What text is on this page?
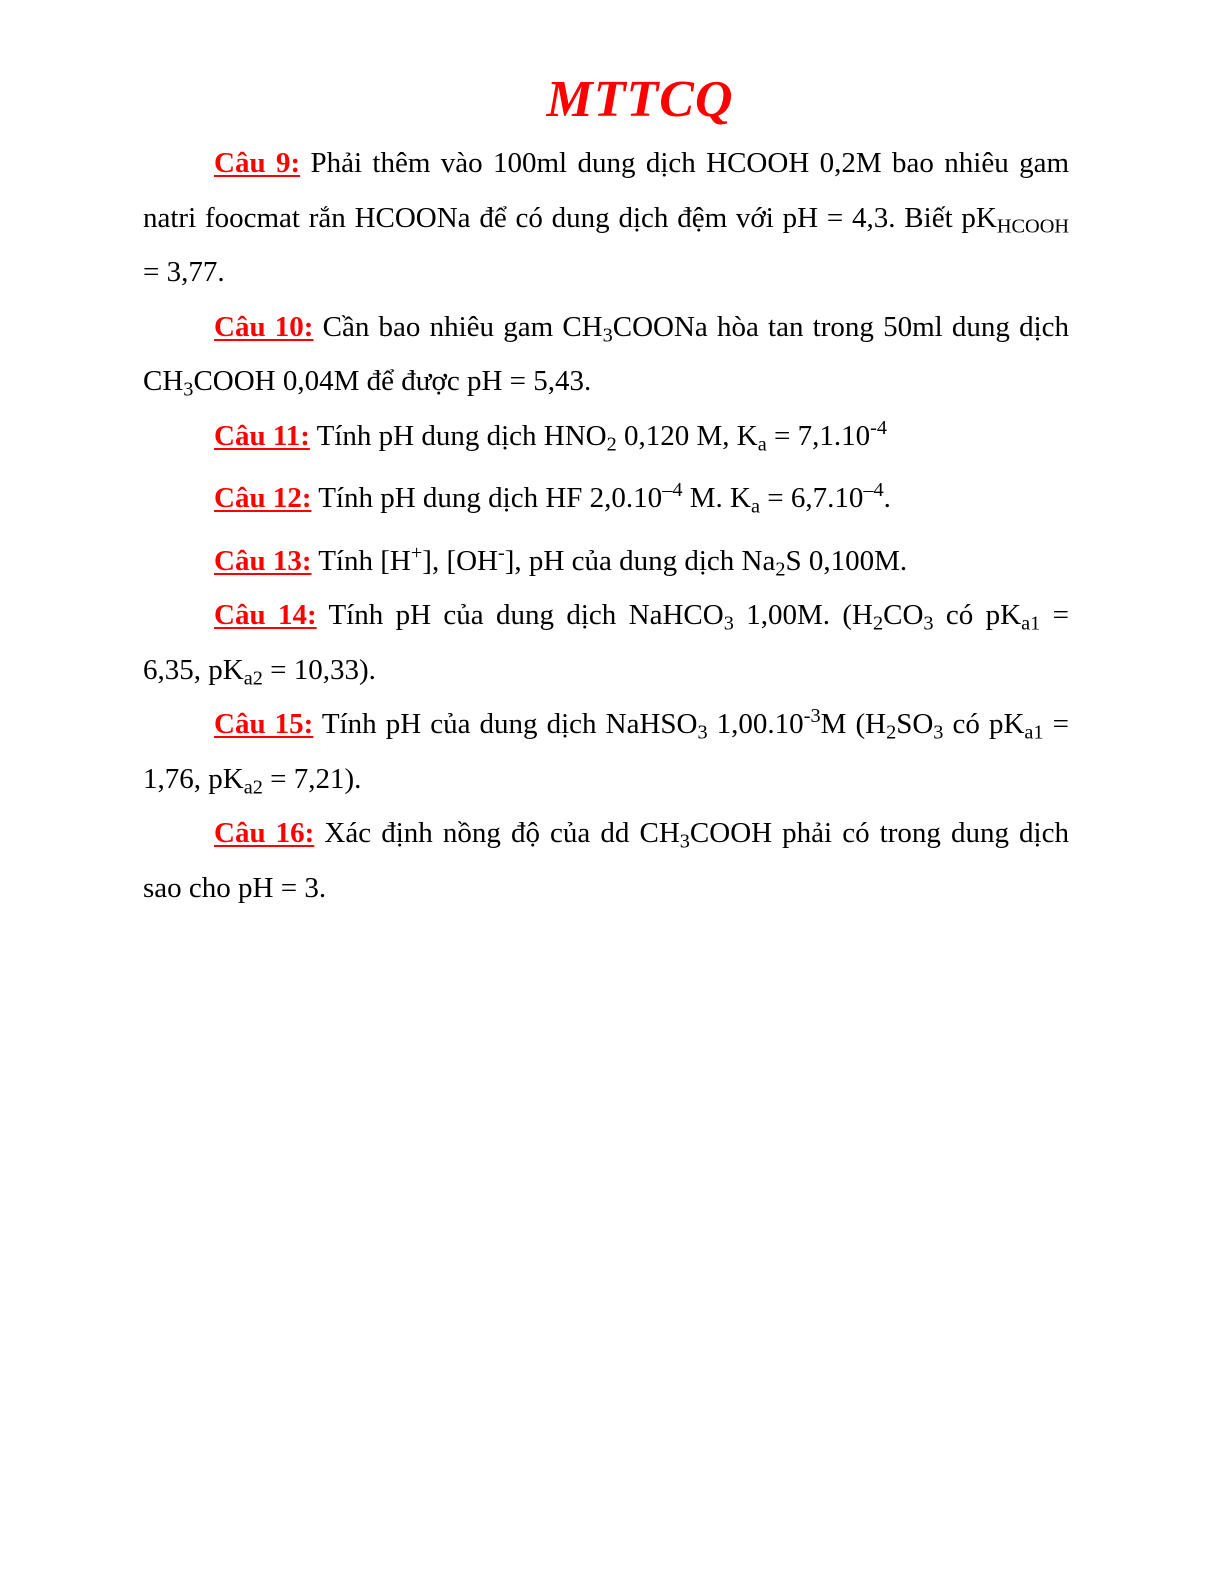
MTTCQ

Câu 9: Phải thêm vào 100ml dung dịch HCOOH 0,2M bao nhiêu gam natri foocmat rắn HCOONa để có dung dịch đệm với pH = 4,3. Biết $pK_{HCOOH} = 3,77$.

Câu 10: Cần bao nhiêu gam $CH_3COONa$ hòa tan trong 50ml dung dịch $CH_3COOH$ 0,04M để được pH = 5,43.

Câu 11: Tính pH dung dịch $HNO_2$ 0,120 M, $K_a = 7,1.10^{-4}$

Câu 12: Tính pH dung dịch HF $2,0.10^{-4}$ M. $K_a = 6,7.10^{-4}$.

Câu 13: Tính [H+], [OH-], pH của dung dịch $Na_2S$ 0,100M.

Câu 14: Tính pH của dung dịch NaHCO$_3$ 1,00M. ($H_2CO_3$ có $pK_{a1} = 6,35$, $pK_{a2} = 10,33$).

Câu 15: Tính pH của dung dịch NaHSO$_3$ $1,00.10^{-3}M$ ($H_2SO_3$ có $pK_{a1} = 1,76$, $pK_{a2} = 7,21$).

Câu 16: Xác định nồng độ của dd $CH_3COOH$ phải có trong dung dịch sao cho pH = 3.
